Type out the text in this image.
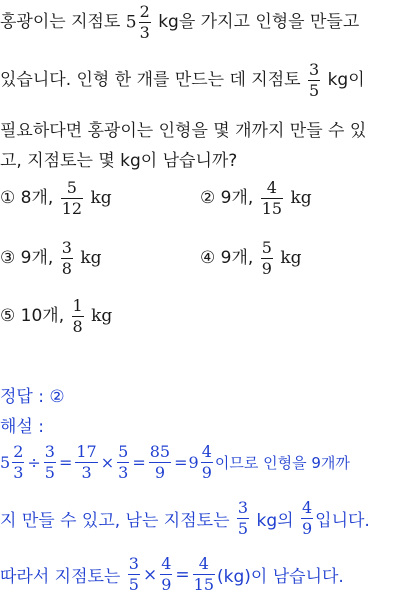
홍광이는 지점토 $5 \frac{2}{3}$ kg을 가지고 인형을 만들고
있습니다. 인형 한 개를 만드는 데 지점토 $\frac{3}{5}$ kg이
필요하다면 홍광이는 인형을 몇 개까지 만들 수 있
고, 지점토는 몇 kg이 남습니까?
① 8개, $\frac{5}{12}$ kg	② 9개, $\frac{4}{15}$ kg
③ 9개, $\frac{3}{8}$ kg	④ 9개, $\frac{5}{9}$ kg
⑤ 10개, $\frac{1}{8}$ kg
정답 : ②
해설 :
$5 \frac{2}{3} \div \frac{3}{5} = \frac{17}{3} \times \frac{5}{3} = \frac{85}{9} =9 \frac{4}{9}$ 이므로 인형을 9개까
지 만들 수 있고, 남는 지점토는 $\frac{3}{5}$ kg의 $\frac{4}{9}$ 입니다.
따라서 지점토는 $\frac{3}{5} \times \frac{4}{9} = \frac{4}{15} (kg)$이 남습니다.
